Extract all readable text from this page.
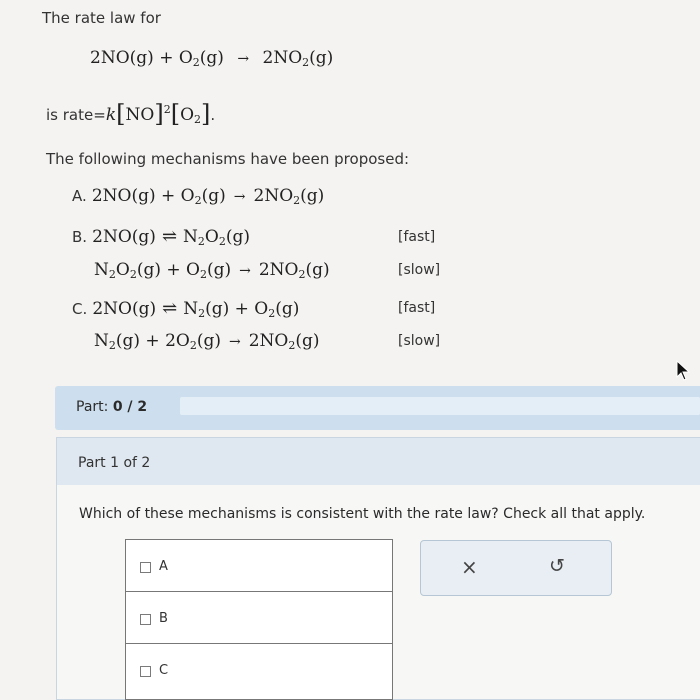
The rate law for
$2NO(g) + O_2(g) \to 2NO_2(g)$
is $rate=k[NO]^2[O_2]$.
The following mechanisms have been proposed:
A. $2NO(g) + O_2(g) \to 2NO_2(g)$
B. 2NO(g) ⇌ $N_2O_2(g)$	[fast]
$N_2O_2(g) + O_2(g) \to 2NO_2(g)$	[slow]
C. 2NO(g) ⇌ $N_2(g) + O_2(g)$	[fast]
$N_2(g) + 2O_2(g) \to 2NO_2(g)$	[slow]
Part: 0 / 2
Part 1 of 2
Which of these mechanisms is consistent with the rate law? Check all that apply.
A
B
C
×	↺
